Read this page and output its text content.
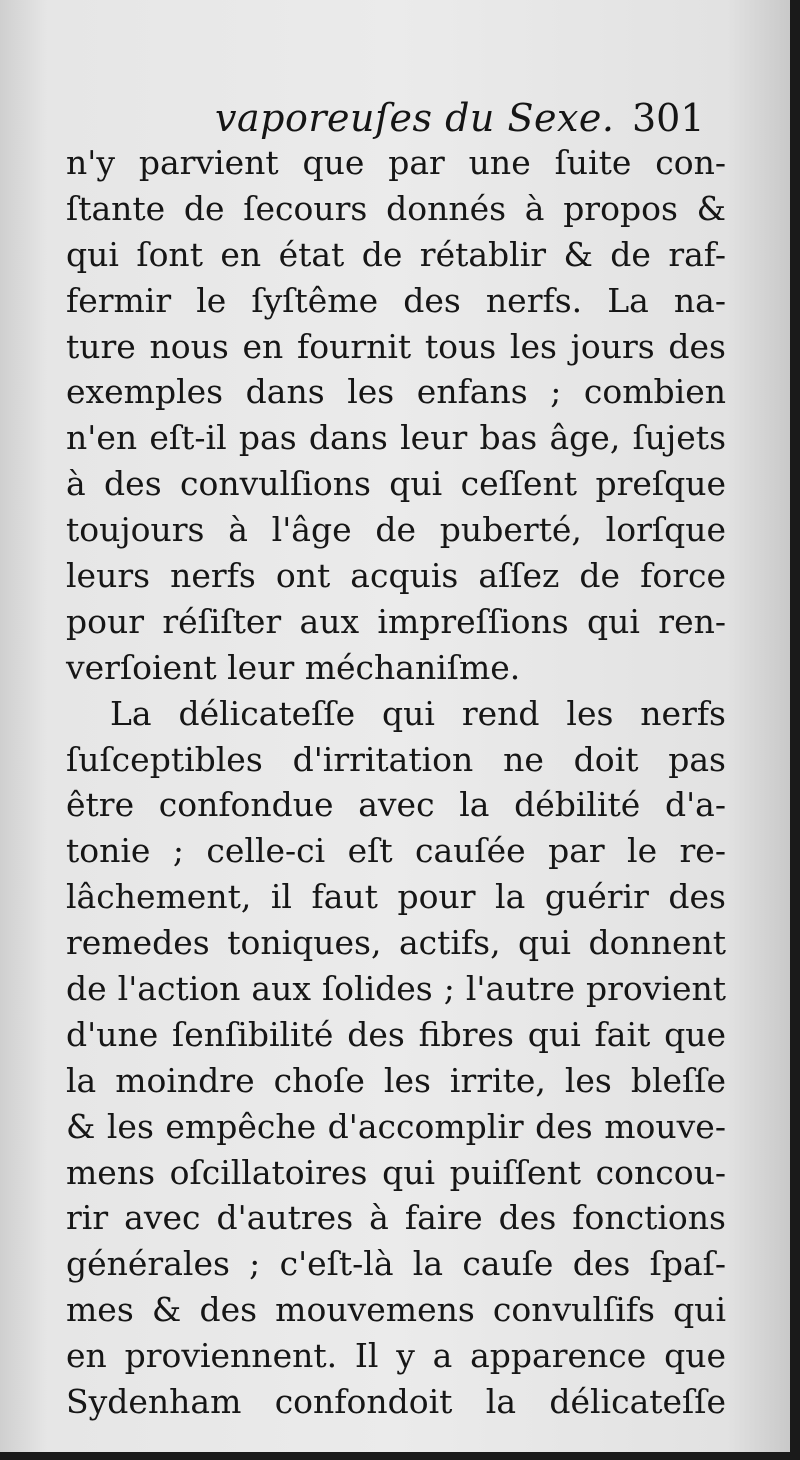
vaporeuſes du Sexe. 301
n'y parvient que par une ſuite con-
ſtante de ſecours donnés à propos &
qui ſont en état de rétablir & de raf-
fermir le ſyſtême des nerfs. La na-
ture nous en fournit tous les jours des
exemples dans les enfans ; combien
n'en eſt-il pas dans leur bas âge, ſujets
à des convulſions qui ceſſent preſque
toujours à l'âge de puberté, lorſque
leurs nerfs ont acquis aſſez de force
pour réſiſter aux impreſſions qui ren-
verſoient leur méchaniſme.
La délicateſſe qui rend les nerfs
ſuſceptibles d'irritation ne doit pas
être confondue avec la débilité d'a-
tonie ; celle-ci eſt cauſée par le re-
lâchement, il faut pour la guérir des
remedes toniques, actifs, qui donnent
de l'action aux ſolides ; l'autre provient
d'une ſenſibilité des fibres qui fait que
la moindre choſe les irrite, les bleſſe
& les empêche d'accomplir des mouve-
mens oſcillatoires qui puiſſent concou-
rir avec d'autres à faire des fonctions
générales ; c'eſt-là la cauſe des ſpaſ-
mes & des mouvemens convulſifs qui
en proviennent. Il y a apparence que
Sydenham confondoit la délicateſſe
